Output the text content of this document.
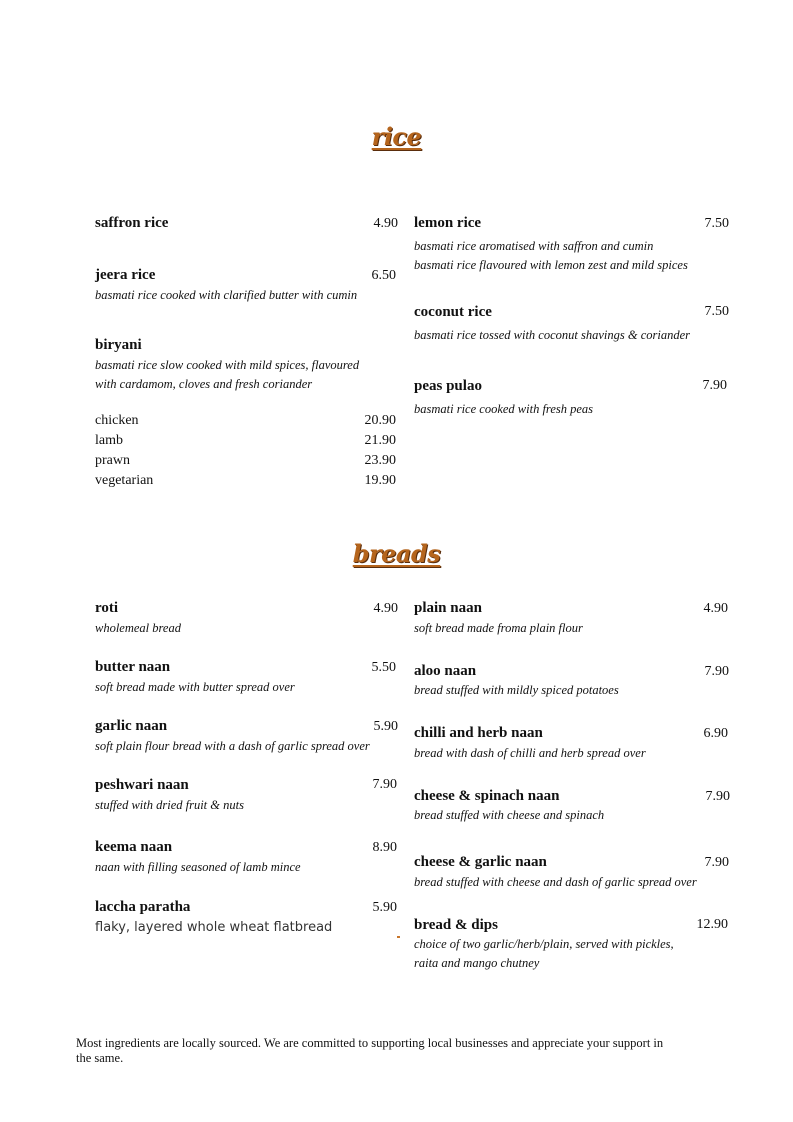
rice
saffron rice	4.90
jeera rice	6.50
basmati rice cooked with clarified butter with cumin
biryani
basmati rice slow cooked with mild spices, flavoured
with cardamom, cloves and fresh coriander
chicken	20.90
lamb	21.90
prawn	23.90
vegetarian	19.90
lemon rice	7.50
basmati rice aromatised with saffron and cumin
basmati rice flavoured with lemon zest and mild spices
coconut rice	7.50
basmati rice tossed with coconut shavings & coriander
peas pulao	7.90
basmati rice cooked with fresh peas
breads
roti	4.90
wholemeal bread
butter naan	5.50
soft bread made with butter spread over
garlic naan	5.90
soft plain flour bread with a dash of garlic spread over
peshwari naan	7.90
stuffed with dried fruit & nuts
keema naan	8.90
naan with filling seasoned of lamb mince
laccha paratha	5.90
flaky, layered whole wheat flatbread
plain naan	4.90
soft bread made froma plain flour
aloo naan	7.90
bread stuffed with mildly spiced potatoes
chilli and herb naan	6.90
bread with dash of chilli and herb spread over
cheese & spinach naan	7.90
bread stuffed with cheese and spinach
cheese & garlic naan	7.90
bread stuffed with cheese and dash of garlic spread over
bread & dips	12.90
choice of two garlic/herb/plain, served with pickles,
raita and mango chutney
Most ingredients are locally sourced. We are committed to supporting local businesses and appreciate your support in
the same.
